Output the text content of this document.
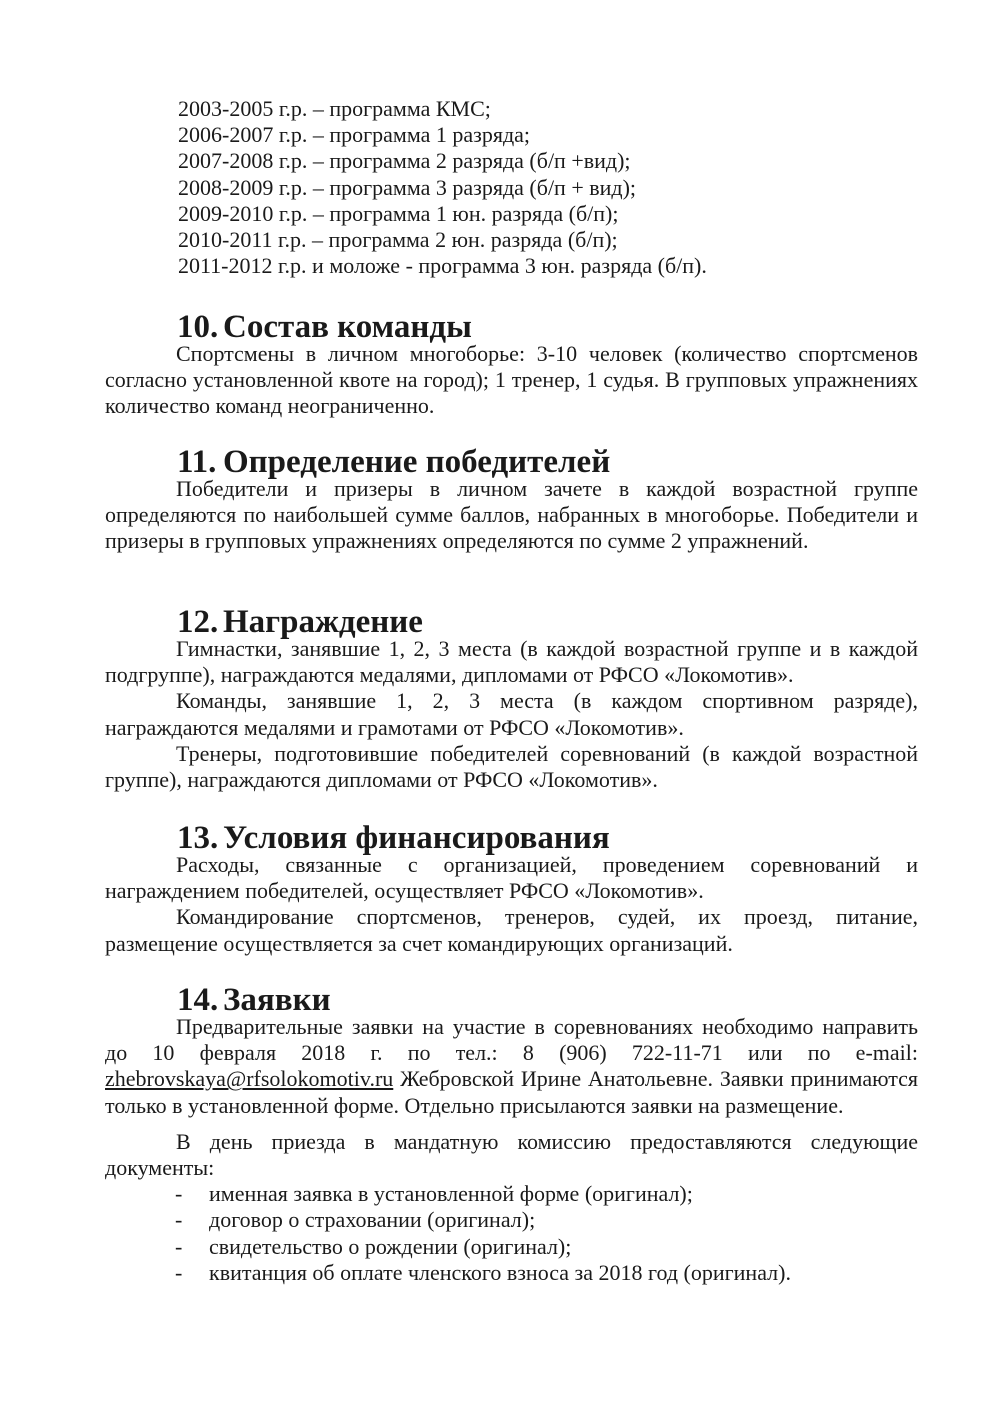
2003-2005 г.р. – программа КМС;

2006-2007 г.р. – программа 1 разряда;

2007-2008 г.р. – программа 2 разряда (б/п +вид);

2008-2009 г.р. – программа 3 разряда (б/п + вид);

2009-2010 г.р. – программа 1 юн. разряда (б/п);

2010-2011 г.р. – программа 2 юн. разряда (б/п);

2011-2012 г.р. и моложе - программа 3 юн. разряда (б/п).

10. Состав команды

Спортсмены в личном многоборье: 3-10 человек (количество спортсменов согласно установленной квоте на город); 1 тренер, 1 судья. В групповых упражнениях количество команд неограниченно.

11. Определение победителей

Победители и призеры в личном зачете в каждой возрастной группе определяются по наибольшей сумме баллов, набранных в многоборье. Победители и призеры в групповых упражнениях определяются по сумме 2 упражнений.

12. Награждение

Гимнастки, занявшие 1, 2, 3 места (в каждой возрастной группе и в каждой подгруппе), награждаются медалями, дипломами от РФСО «Локомотив».

Команды, занявшие 1, 2, 3 места (в каждом спортивном разряде), награждаются медалями и грамотами от РФСО «Локомотив».

Тренеры, подготовившие победителей соревнований (в каждой возрастной группе), награждаются дипломами от РФСО «Локомотив».

13. Условия финансирования

Расходы, связанные с организацией, проведением соревнований и награждением победителей, осуществляет РФСО «Локомотив».

Командирование спортсменов, тренеров, судей, их проезд, питание, размещение осуществляется за счет командирующих организаций.

14. Заявки

Предварительные заявки на участие в соревнованиях необходимо направить до 10 февраля 2018 г. по тел.: 8 (906) 722-11-71 или по e-mail: zhebrovskaya@rfsolokomotiv.ru Жебровской Ирине Анатольевне. Заявки принимаются только в установленной форме. Отдельно присылаются заявки на размещение.

В день приезда в мандатную комиссию предоставляются следующие документы:

- именная заявка в установленной форме (оригинал);
- договор о страховании (оригинал);
- свидетельство о рождении (оригинал);
- квитанция об оплате членского взноса за 2018 год (оригинал).
